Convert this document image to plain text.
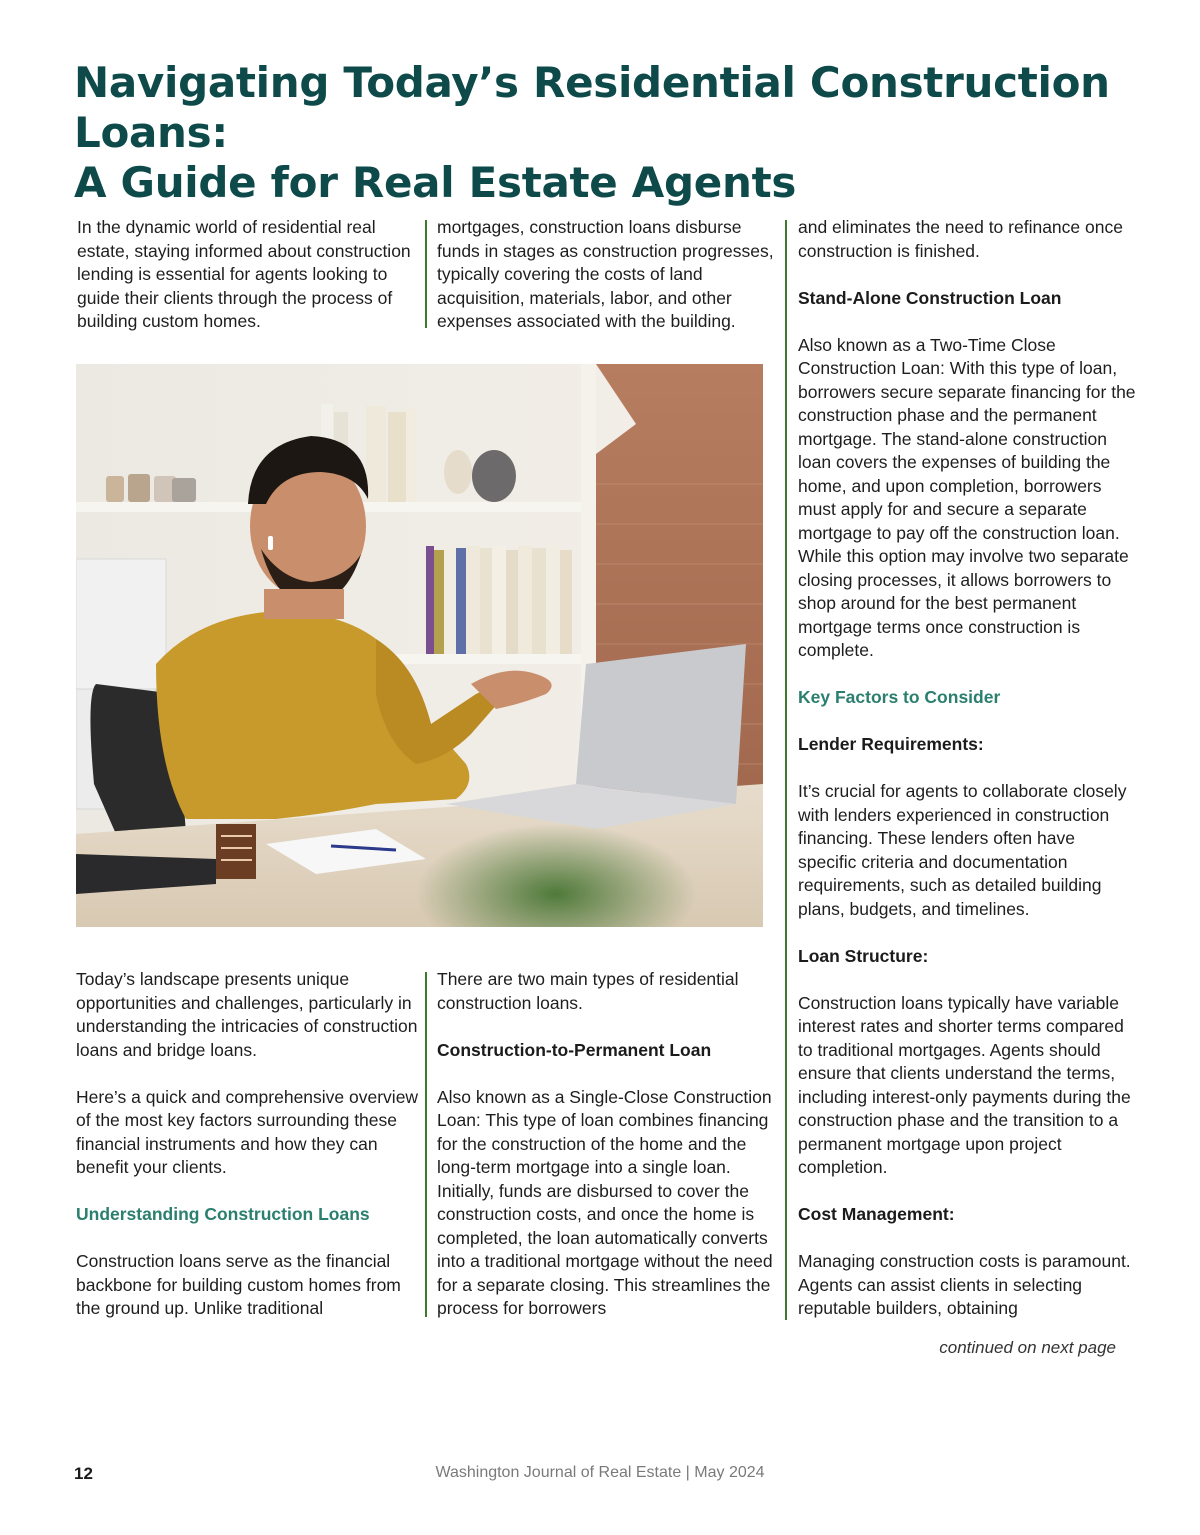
Navigating Today’s Residential Construction Loans:
A Guide for Real Estate Agents

In the dynamic world of residential real estate, staying informed about construction lending is essential for agents looking to guide their clients through the process of building custom homes.

mortgages, construction loans disburse funds in stages as construction progresses, typically covering the costs of land acquisition, materials, labor, and other expenses associated with the building.

Today’s landscape presents unique opportunities and challenges, particularly in understanding the intricacies of construction loans and bridge loans.

Here’s a quick and comprehensive overview of the most key factors surrounding these financial instruments and how they can benefit your clients.

Understanding Construction Loans

Construction loans serve as the financial backbone for building custom homes from the ground up. Unlike traditional

There are two main types of residential construction loans.

Construction-to-Permanent Loan

Also known as a Single-Close Construction Loan: This type of loan combines financing for the construction of the home and the long-term mortgage into a single loan. Initially, funds are disbursed to cover the construction costs, and once the home is completed, the loan automatically converts into a traditional mortgage without the need for a separate closing. This streamlines the process for borrowers

and eliminates the need to refinance once construction is finished.

Stand-Alone Construction Loan

Also known as a Two-Time Close Construction Loan: With this type of loan, borrowers secure separate financing for the construction phase and the permanent mortgage. The stand-alone construction loan covers the expenses of building the home, and upon completion, borrowers must apply for and secure a separate mortgage to pay off the construction loan. While this option may involve two separate closing processes, it allows borrowers to shop around for the best permanent mortgage terms once construction is complete.

Key Factors to Consider

Lender Requirements:

It’s crucial for agents to collaborate closely with lenders experienced in construction financing. These lenders often have specific criteria and documentation requirements, such as detailed building plans, budgets, and timelines.

Loan Structure:

Construction loans typically have variable interest rates and shorter terms compared to traditional mortgages. Agents should ensure that clients understand the terms, including interest-only payments during the construction phase and the transition to a permanent mortgage upon project completion.

Cost Management:

Managing construction costs is paramount. Agents can assist clients in selecting reputable builders, obtaining

continued on next page
Washington Journal of Real Estate | May 2024
12
